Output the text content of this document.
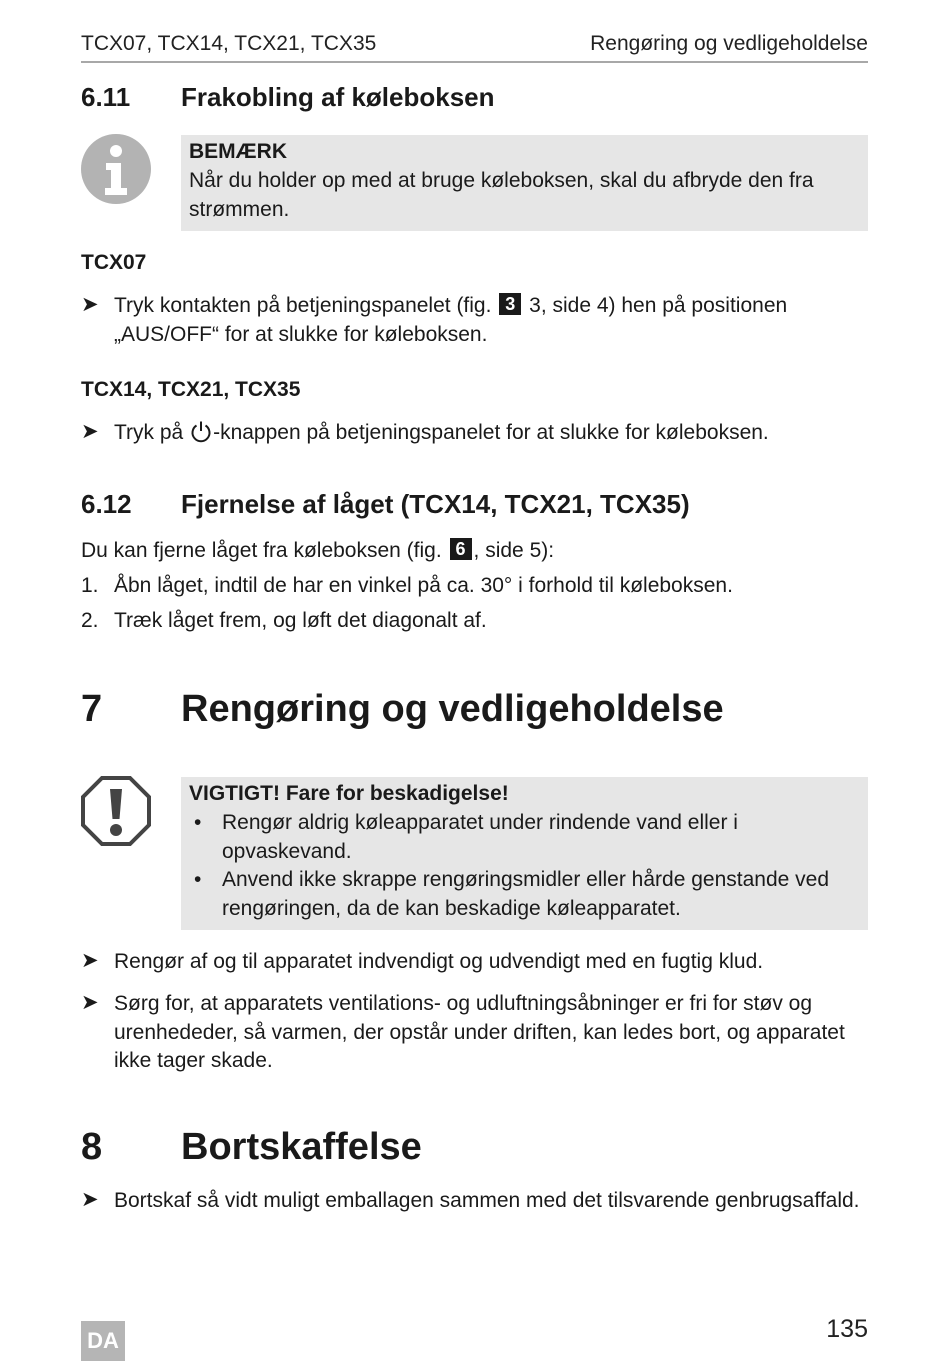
TCX07, TCX14, TCX21, TCX35	Rengøring og vedligeholdelse
6.11 Frakobling af køleboksen
BEMÆRK
Når du holder op med at bruge køleboksen, skal du afbryde den fra
strømmen.
TCX07
➤ Tryk kontakten på betjeningspanelet (fig. 3 3, side 4) hen på positionen
„AUS/OFF“ for at slukke for køleboksen.
TCX14, TCX21, TCX35
➤ Tryk på -knappen på betjeningspanelet for at slukke for køleboksen.
6.12 Fjernelse af låget (TCX14, TCX21, TCX35)
Du kan fjerne låget fra køleboksen (fig. 6 , side 5):
1. Åbn låget, indtil de har en vinkel på ca. 30° i forhold til køleboksen.
2. Træk låget frem, og løft det diagonalt af.
7 Rengøring og vedligeholdelse
VIGTIGT! Fare for beskadigelse!
• Rengør aldrig køleapparatet under rindende vand eller i
opvaskevand.
• Anvend ikke skrappe rengøringsmidler eller hårde genstande ved
rengøringen, da de kan beskadige køleapparatet.
➤ Rengør af og til apparatet indvendigt og udvendigt med en fugtig klud.
➤ Sørg for, at apparatets ventilations- og udluftningsåbninger er fri for støv og
urenhededer, så varmen, der opstår under driften, kan ledes bort, og apparatet
ikke tager skade.
8 Bortskaffelse
➤ Bortskaf så vidt muligt emballagen sammen med det tilsvarende genbrugsaffald.
DA	135
